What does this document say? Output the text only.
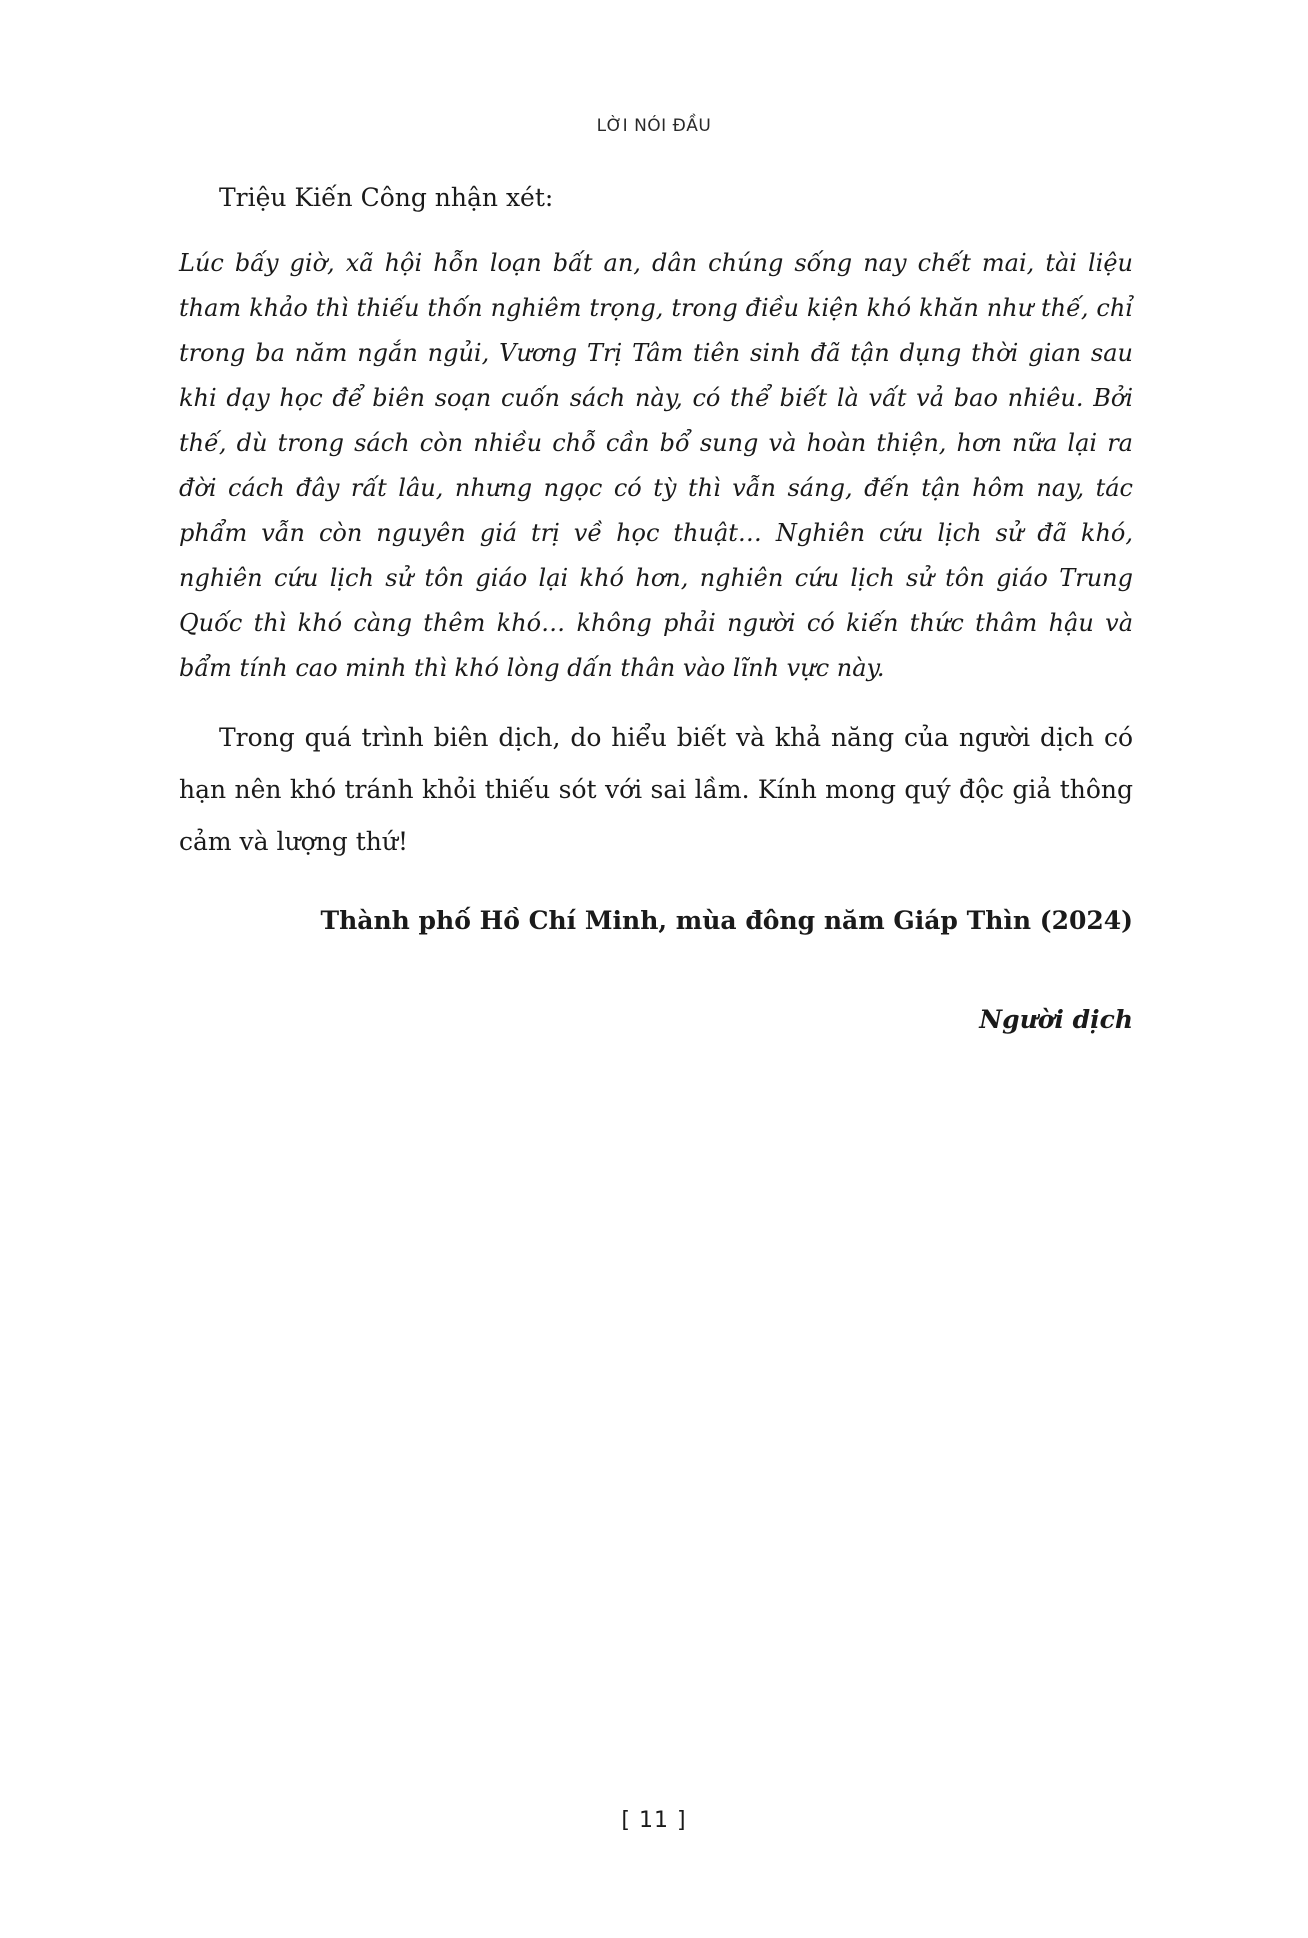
LỜI NÓI ĐẦU

Triệu Kiến Công nhận xét:

Lúc bấy giờ, xã hội hỗn loạn bất an, dân chúng sống nay chết mai, tài liệu tham khảo thì thiếu thốn nghiêm trọng, trong điều kiện khó khăn như thế, chỉ trong ba năm ngắn ngủi, Vương Trị Tâm tiên sinh đã tận dụng thời gian sau khi dạy học để biên soạn cuốn sách này, có thể biết là vất vả bao nhiêu. Bởi thế, dù trong sách còn nhiều chỗ cần bổ sung và hoàn thiện, hơn nữa lại ra đời cách đây rất lâu, nhưng ngọc có tỳ thì vẫn sáng, đến tận hôm nay, tác phẩm vẫn còn nguyên giá trị về học thuật… Nghiên cứu lịch sử đã khó, nghiên cứu lịch sử tôn giáo lại khó hơn, nghiên cứu lịch sử tôn giáo Trung Quốc thì khó càng thêm khó… không phải người có kiến thức thâm hậu và bẩm tính cao minh thì khó lòng dấn thân vào lĩnh vực này.

Trong quá trình biên dịch, do hiểu biết và khả năng của người dịch có hạn nên khó tránh khỏi thiếu sót với sai lầm. Kính mong quý độc giả thông cảm và lượng thứ!

Thành phố Hồ Chí Minh, mùa đông năm Giáp Thìn (2024)
Người dịch
[ 11 ]
